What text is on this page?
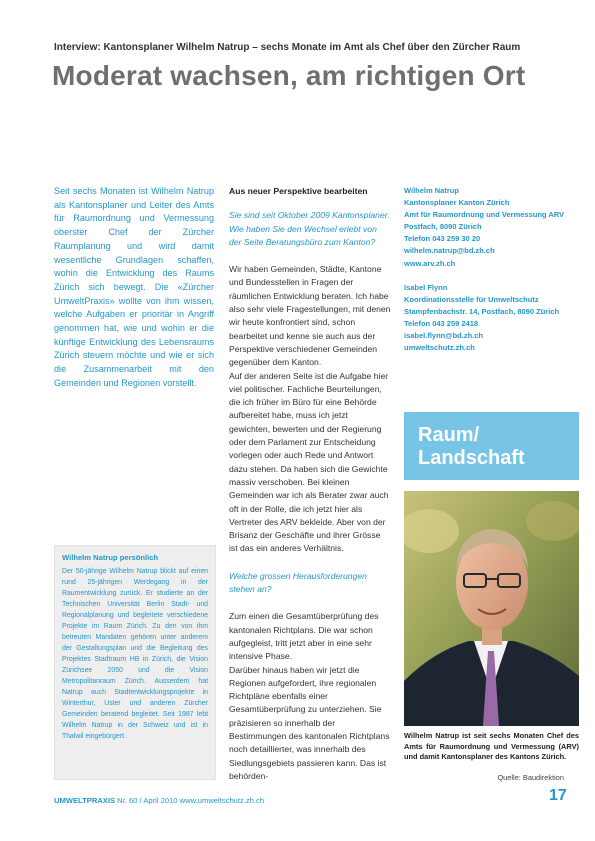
Interview: Kantonsplaner Wilhelm Natrup – sechs Monate im Amt als Chef über den Zürcher Raum
Moderat wachsen, am richtigen Ort
Seit sechs Monaten ist Wilhelm Natrup als Kantonsplaner und Leiter des Amts für Raumordnung und Vermessung oberster Chef der Zürcher Raumplanung und wird damit wesentliche Grundlagen schaffen, wohin die Entwicklung des Raums Zürich sich bewegt. Die «Zürcher UmweltPraxis» wollte von ihm wissen, welche Aufgaben er prioritär in Angriff genommen hat, wie und wohin er die künftige Entwicklung des Lebensraums Zürich steuern möchte und wie er sich die Zusammenarbeit mit den Gemeinden und Regionen vorstellt.
Aus neuer Perspektive bearbeiten

Sie sind seit Oktober 2009 Kantonsplaner. Wie haben Sie den Wechsel erlebt von der Seite Beratungsbüro zum Kanton?

Wir haben Gemeinden, Städte, Kantone und Bundesstellen in Fragen der räumlichen Entwicklung beraten. Ich habe also sehr viele Fragestellungen, mit denen wir heute konfrontiert sind, schon bearbeitet und kenne sie auch aus der Perspektive verschiedener Gemeinden gegenüber dem Kanton.

Auf der anderen Seite ist die Aufgabe hier viel politischer. Fachliche Beurteilungen, die ich früher im Büro für eine Behörde aufbereitet habe, muss ich jetzt gewichten, bewerten und der Regierung oder dem Parlament zur Entscheidung vorlegen oder auch Rede und Antwort dazu stehen. Da haben sich die Gewichte massiv verschoben. Bei kleinen Gemeinden war ich als Berater zwar auch oft in der Rolle, die ich jetzt hier als Vertreter des ARV bekleide. Aber von der Brisanz der Geschäfte und ihrer Grösse ist das ein anderes Verhältnis.

Welche grossen Herausforderungen stehen an?

Zum einen die Gesamtüberprüfung des kantonalen Richtplans. Die war schon aufgegleist, tritt jetzt aber in eine sehr intensive Phase.

Darüber hinaus haben wir jetzt die Regionen aufgefordert, ihre regionalen Richtpläne ebenfalls einer Gesamtüberprüfung zu unterziehen. Sie präzisieren so innerhalb der Bestimmungen des kantonalen Richtplans noch detaillierter, was innerhalb des Siedlungsgebiets passieren kann. Das ist behörden-

Wilhelm Natrup
Kantonsplaner Kanton Zürich
Amt für Raumordnung und Vermessung ARV
Postfach, 8090 Zürich
Telefon 043 259 30 20
wilhelm.natrup@bd.zh.ch
www.arv.zh.ch
Isabel Flynn
Koordinationsstelle für Umweltschutz
Stampfenbachstr. 14, Postfach, 8090 Zürich
Telefon 043 259 2418
isabel.flynn@bd.zh.ch
umweltschutz.zh.ch
Raum/
Landschaft
Wilhelm Natrup ist seit sechs Monaten Chef des Amts für Raumordnung und Vermessung (ARV) und damit Kantonsplaner des Kantons Zürich.
Quelle: Baudirektion
Wilhelm Natrup persönlich
Der 50-jährige Wilhelm Natrup blickt auf einen rund 25-jährigen Werdegang in der Raumentwicklung zurück. Er studierte an der Technischen Universität Berlin Stadt- und Regionalplanung und begleitete verschiedene Projekte im Raum Zürich. Zu den von ihm betreuten Mandaten gehören unter anderem der Gestaltungsplan und die Begleitung des Projektes Stadtraum HB in Zürich, die Vision Zürichsee 2050 und die Vision Metropolitanraum Zürich. Ausserdem hat Natrup auch Stadtentwicklungsprojekte in Winterthur, Uster und anderen Zürcher Gemeinden beratend begleitet. Seit 1987 lebt Wilhelm Natrup in der Schweiz und ist in Thalwil eingebürgert.
UMWELTPRAXIS Nr. 60 / April 2010 www.umweltschutz.zh.ch	17
